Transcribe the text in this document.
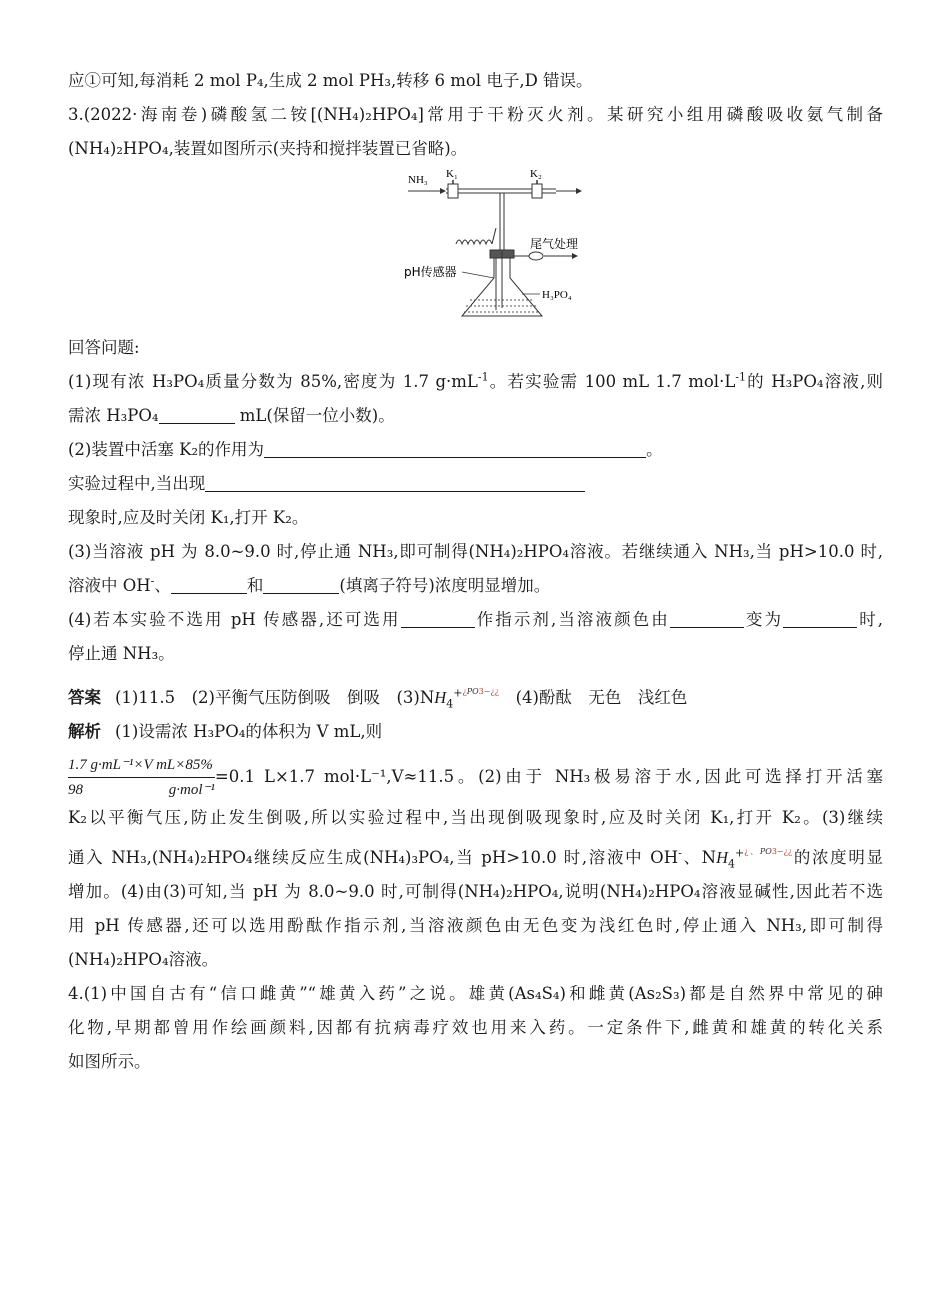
应①可知,每消耗 2 mol P₄,生成 2 mol PH₃,转移 6 mol 电子,D 错误。
3.(2022·海南卷)磷酸氢二铵[(NH₄)₂HPO₄]常用于干粉灭火剂。某研究小组用磷酸吸收氨气制备
(NH₄)₂HPO₄,装置如图所示(夹持和搅拌装置已省略)。
NH₃ K₁	K₂
尾气处理
pH传感器
H₃PO₄
回答问题:
(1)现有浓 H₃PO₄质量分数为 85%,密度为 1.7 $g\cdot mL^{-1}$。若实验需 100 mL 1.7 $mol\cdot L^{-1}$的 H₃PO₄溶液,则
需浓 H₃PO₄	mL(保留一位小数)。
(2)装置中活塞 K₂的作用为	。
实验过程中,当出现
现象时,应及时关闭 K₁,打开 K₂。
(3)当溶液 pH 为 8.0~9.0 时,停止通 NH₃,即可制得(NH₄)₂HPO₄溶液。若继续通入 NH₃,当 pH>10.0 时,
溶液中 OH-、	和	(填离子符号)浓度明显增加。
(4)若本实验不选用 pH 传感器,还可选用	作指示剂,当溶液颜色由	变为	时,
停止通 NH₃。
答案 (1)11.5　(2)平衡气压防倒吸　倒吸　$(3)NH_4^{+¿PO3-¿¿}$　 (4)酚酞　无色　浅红色
解析 (1)设需浓 H₃PO₄的体积为 V mL,则
$\frac{\text{1.7 g·mL⁻¹×V mL×85\%}}{\text{98 g·mol⁻¹}} =0.1$ L×1.7 mol·L⁻¹,V≈11.5。(2)由于 NH₃极易溶于水,因此可选择打开活塞
K₂以平衡气压,防止发生倒吸,所以实验过程中,当出现倒吸现象时,应及时关闭 K₁,打开 K₂。(3)继续
通入 NH₃,(NH₄)₂HPO₄继续反应生成(NH₄)₃PO₄,当 pH>10.0 时,溶液中 OH-、$NH_4^{+¿、PO3-¿¿}$的浓度明显
增加。(4)由(3)可知,当 pH 为 8.0~9.0 时,可制得(NH₄)₂HPO₄,说明(NH₄)₂HPO₄溶液显碱性,因此若不选
用 pH 传感器,还可以选用酚酞作指示剂,当溶液颜色由无色变为浅红色时,停止通入 NH₃,即可制得
(NH₄)₂HPO₄溶液。
4.(1)中国自古有“信口雌黄”“雄黄入药”之说。雄黄(As₄S₄)和雌黄(As₂S₃)都是自然界中常见的砷
化物,早期都曾用作绘画颜料,因都有抗病毒疗效也用来入药。一定条件下,雌黄和雄黄的转化关系
如图所示。
